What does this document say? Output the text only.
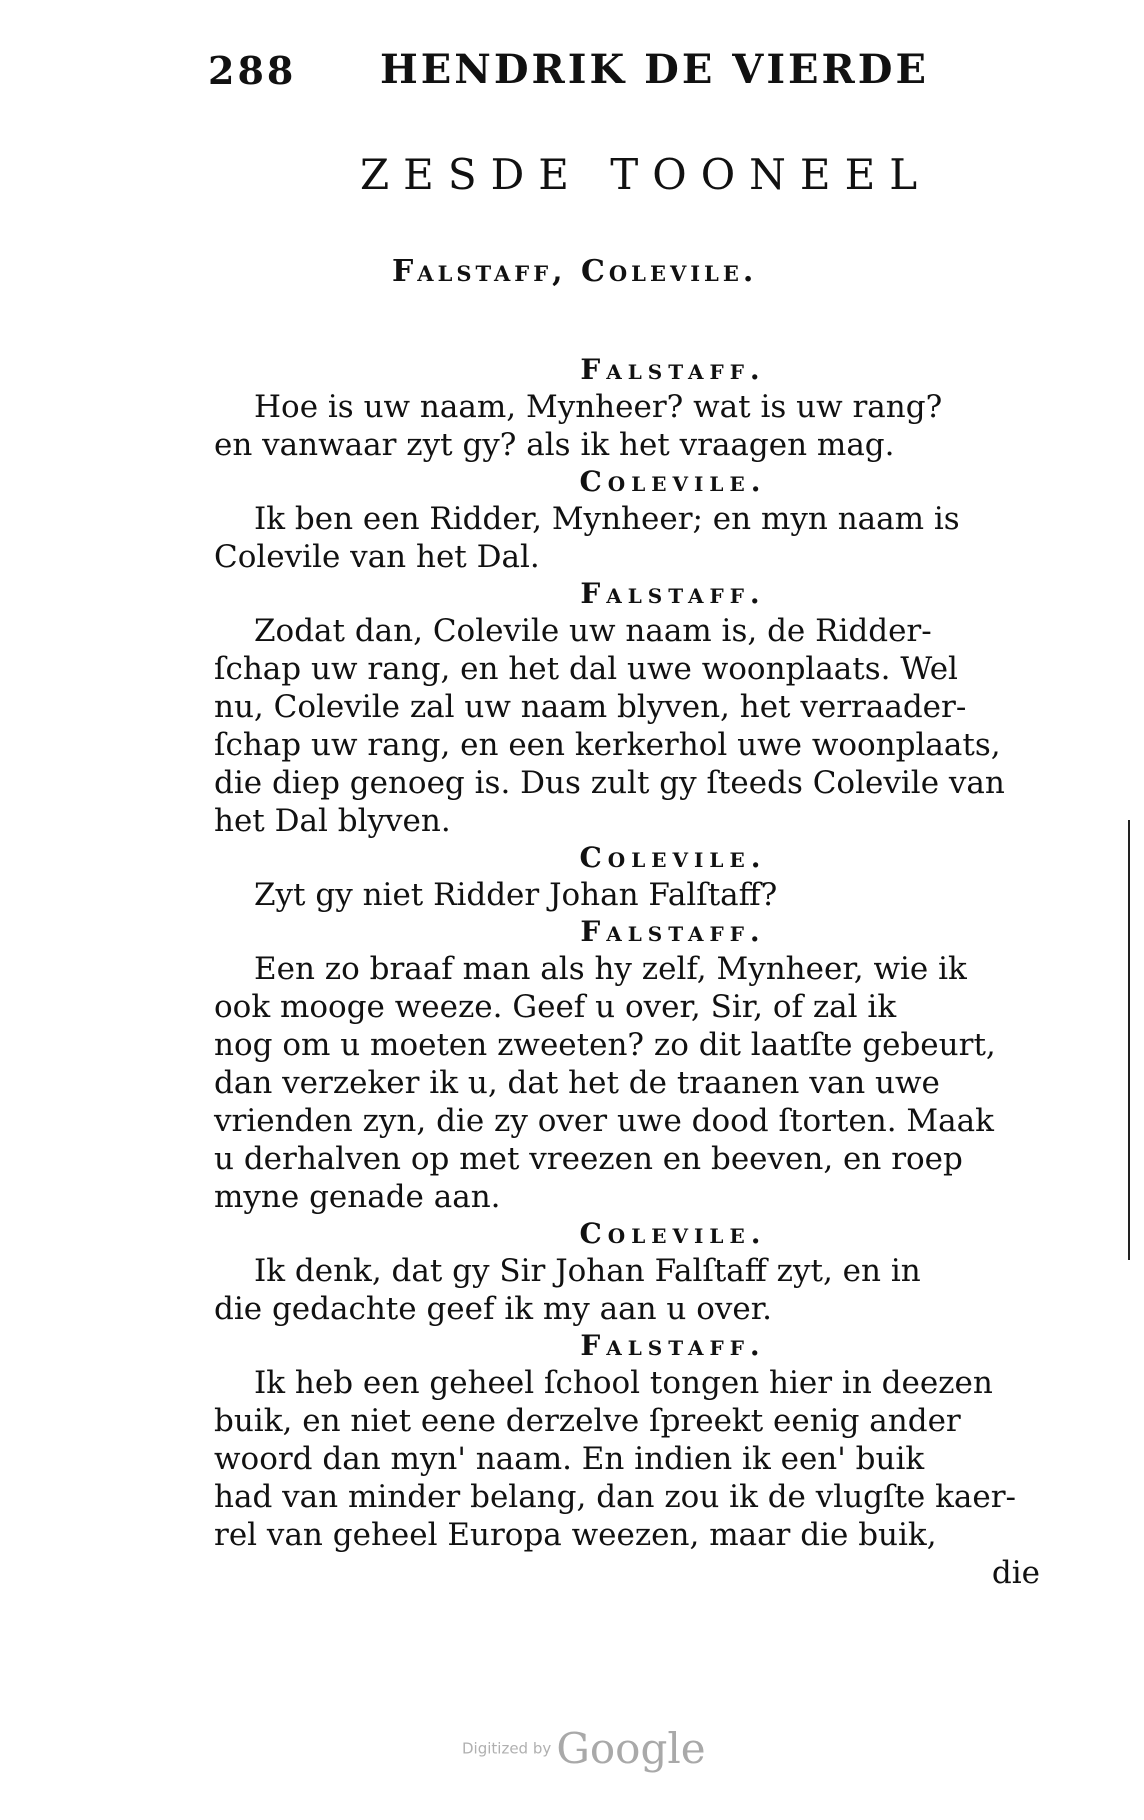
288 HENDRIK DE VIERDE
ZESDE TOONEEL
Falstaff, Colevile.
Falstaff.
Hoe is uw naam, Mynheer? wat is uw rang?
en vanwaar zyt gy? als ik het vraagen mag.
Colevile.
Ik ben een Ridder, Mynheer; en myn naam is
Colevile van het Dal.
Falstaff.
Zodat dan, Colevile uw naam is, de Ridder-
ſchap uw rang, en het dal uwe woonplaats. Wel
nu, Colevile zal uw naam blyven, het verraader-
ſchap uw rang, en een kerkerhol uwe woonplaats,
die diep genoeg is. Dus zult gy ſteeds Colevile van
het Dal blyven.
Colevile.
Zyt gy niet Ridder Johan Falſtaff?
Falstaff.
Een zo braaf man als hy zelf, Mynheer, wie ik
ook mooge weeze. Geef u over, Sir, of zal ik
nog om u moeten zweeten? zo dit laatſte gebeurt,
dan verzeker ik u, dat het de traanen van uwe
vrienden zyn, die zy over uwe dood ſtorten. Maak
u derhalven op met vreezen en beeven, en roep
myne genade aan.
Colevile.
Ik denk, dat gy Sir Johan Falſtaff zyt, en in
die gedachte geef ik my aan u over.
Falstaff.
Ik heb een geheel ſchool tongen hier in deezen
buik, en niet eene derzelve ſpreekt eenig ander
woord dan myn' naam. En indien ik een' buik
had van minder belang, dan zou ik de vlugſte kaer-
rel van geheel Europa weezen, maar die buik,
die
Digitized by Google
